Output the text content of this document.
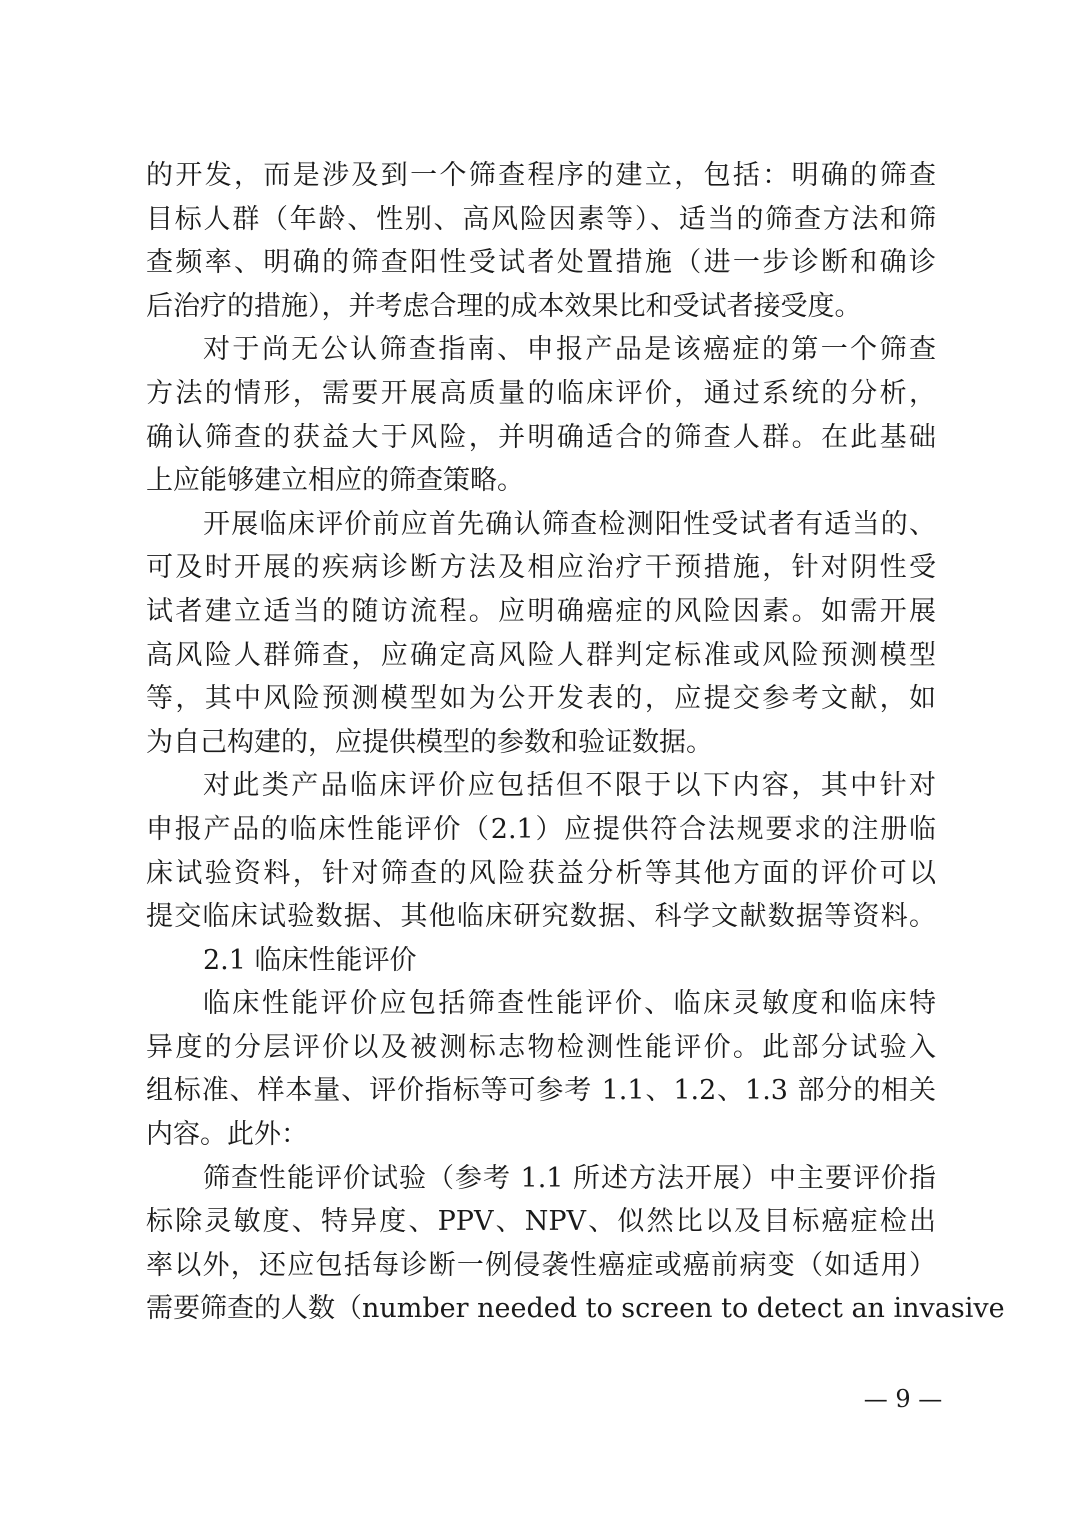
的开发，而是涉及到一个筛查程序的建立，包括：明确的筛查
目标人群（年龄、性别、高风险因素等）、适当的筛查方法和筛
查频率、明确的筛查阳性受试者处置措施（进一步诊断和确诊
后治疗的措施），并考虑合理的成本效果比和受试者接受度。
对于尚无公认筛查指南、申报产品是该癌症的第一个筛查
方法的情形，需要开展高质量的临床评价，通过系统的分析，
确认筛查的获益大于风险，并明确适合的筛查人群。在此基础
上应能够建立相应的筛查策略。
开展临床评价前应首先确认筛查检测阳性受试者有适当的、
可及时开展的疾病诊断方法及相应治疗干预措施，针对阴性受
试者建立适当的随访流程。应明确癌症的风险因素。如需开展
高风险人群筛查，应确定高风险人群判定标准或风险预测模型
等，其中风险预测模型如为公开发表的，应提交参考文献，如
为自己构建的，应提供模型的参数和验证数据。
对此类产品临床评价应包括但不限于以下内容，其中针对
申报产品的临床性能评价（2.1）应提供符合法规要求的注册临
床试验资料，针对筛查的风险获益分析等其他方面的评价可以
提交临床试验数据、其他临床研究数据、科学文献数据等资料。
2.1 临床性能评价
临床性能评价应包括筛查性能评价、临床灵敏度和临床特
异度的分层评价以及被测标志物检测性能评价。此部分试验入
组标准、样本量、评价指标等可参考 1.1、1.2、1.3 部分的相关
内容。此外：
筛查性能评价试验（参考 1.1 所述方法开展）中主要评价指
标除灵敏度、特异度、PPV、NPV、似然比以及目标癌症检出
率以外，还应包括每诊断一例侵袭性癌症或癌前病变（如适用）
需要筛查的人数（number needed to screen to detect an invasive
— 9 —
